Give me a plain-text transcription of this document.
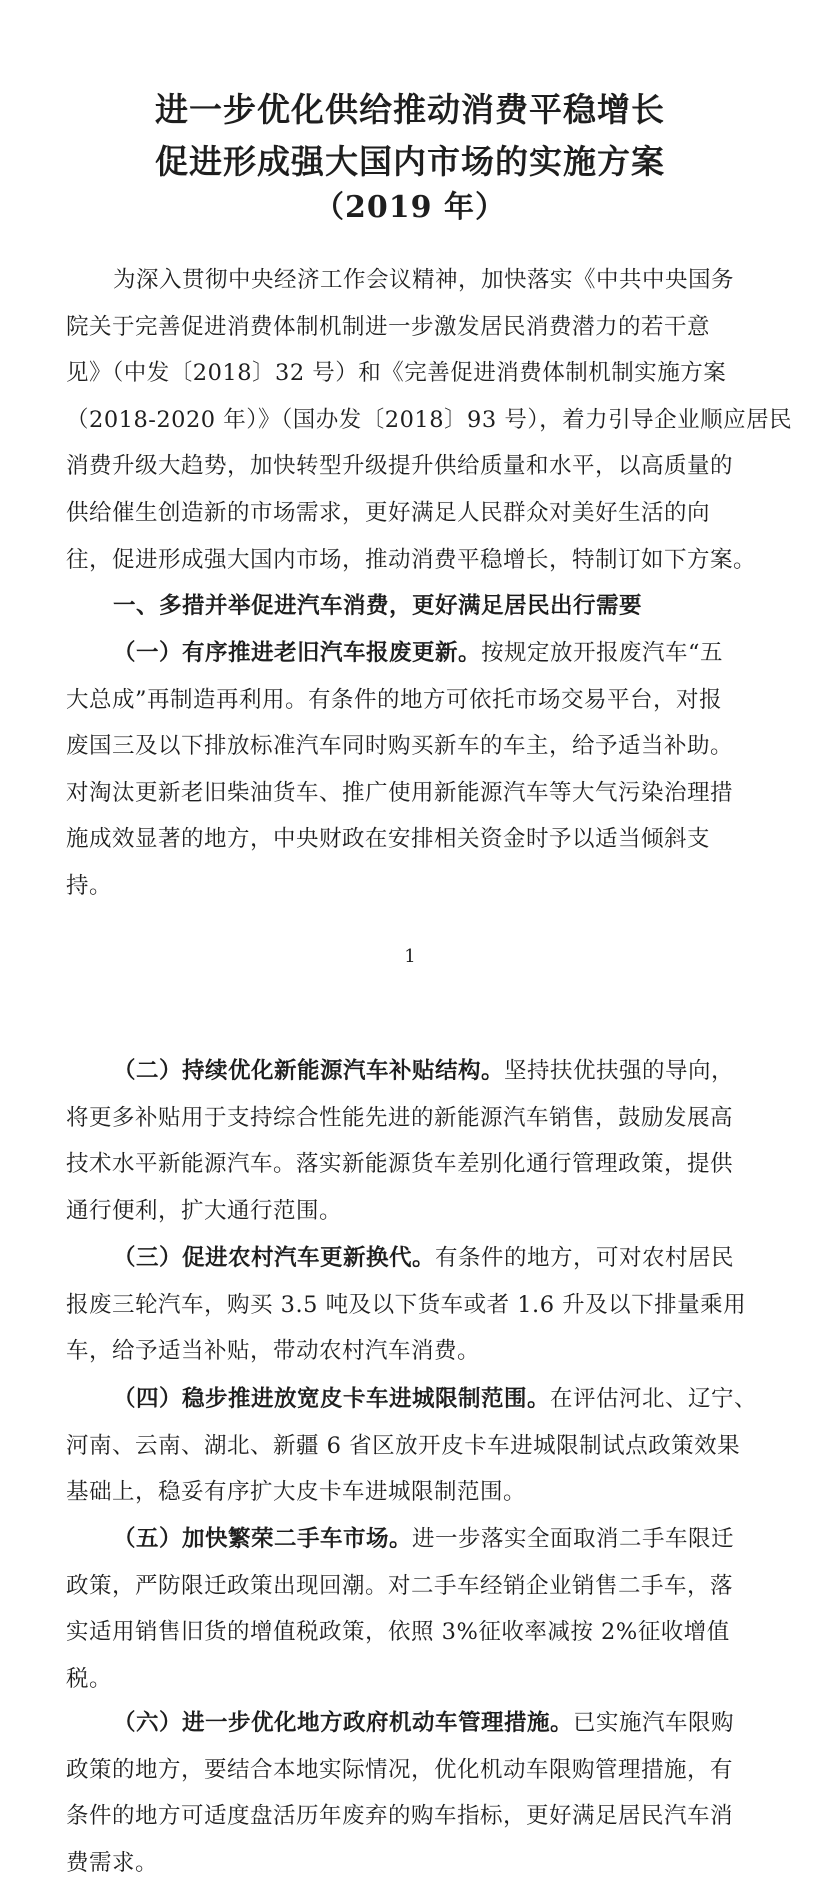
进一步优化供给推动消费平稳增长
促进形成强大国内市场的实施方案
（2019 年）
为深入贯彻中央经济工作会议精神，加快落实《中共中央国务
院关于完善促进消费体制机制进一步激发居民消费潜力的若干意
见》（中发〔2018〕32 号）和《完善促进消费体制机制实施方案
（2018-2020 年）》（国办发〔2018〕93 号），着力引导企业顺应居民
消费升级大趋势，加快转型升级提升供给质量和水平，以高质量的
供给催生创造新的市场需求，更好满足人民群众对美好生活的向
往，促进形成强大国内市场，推动消费平稳增长，特制订如下方案。
一、多措并举促进汽车消费，更好满足居民出行需要
（一）有序推进老旧汽车报废更新。按规定放开报废汽车“五
大总成”再制造再利用。有条件的地方可依托市场交易平台，对报
废国三及以下排放标准汽车同时购买新车的车主，给予适当补助。
对淘汰更新老旧柴油货车、推广使用新能源汽车等大气污染治理措
施成效显著的地方，中央财政在安排相关资金时予以适当倾斜支
持。
1
（二）持续优化新能源汽车补贴结构。坚持扶优扶强的导向，
将更多补贴用于支持综合性能先进的新能源汽车销售，鼓励发展高
技术水平新能源汽车。落实新能源货车差别化通行管理政策，提供
通行便利，扩大通行范围。
（三）促进农村汽车更新换代。有条件的地方，可对农村居民
报废三轮汽车，购买 3.5 吨及以下货车或者 1.6 升及以下排量乘用
车，给予适当补贴，带动农村汽车消费。
（四）稳步推进放宽皮卡车进城限制范围。在评估河北、辽宁、
河南、云南、湖北、新疆 6 省区放开皮卡车进城限制试点政策效果
基础上，稳妥有序扩大皮卡车进城限制范围。
（五）加快繁荣二手车市场。进一步落实全面取消二手车限迁
政策，严防限迁政策出现回潮。对二手车经销企业销售二手车，落
实适用销售旧货的增值税政策，依照 3%征收率减按 2%征收增值
税。
（六）进一步优化地方政府机动车管理措施。已实施汽车限购
政策的地方，要结合本地实际情况，优化机动车限购管理措施，有
条件的地方可适度盘活历年废弃的购车指标，更好满足居民汽车消
费需求。
